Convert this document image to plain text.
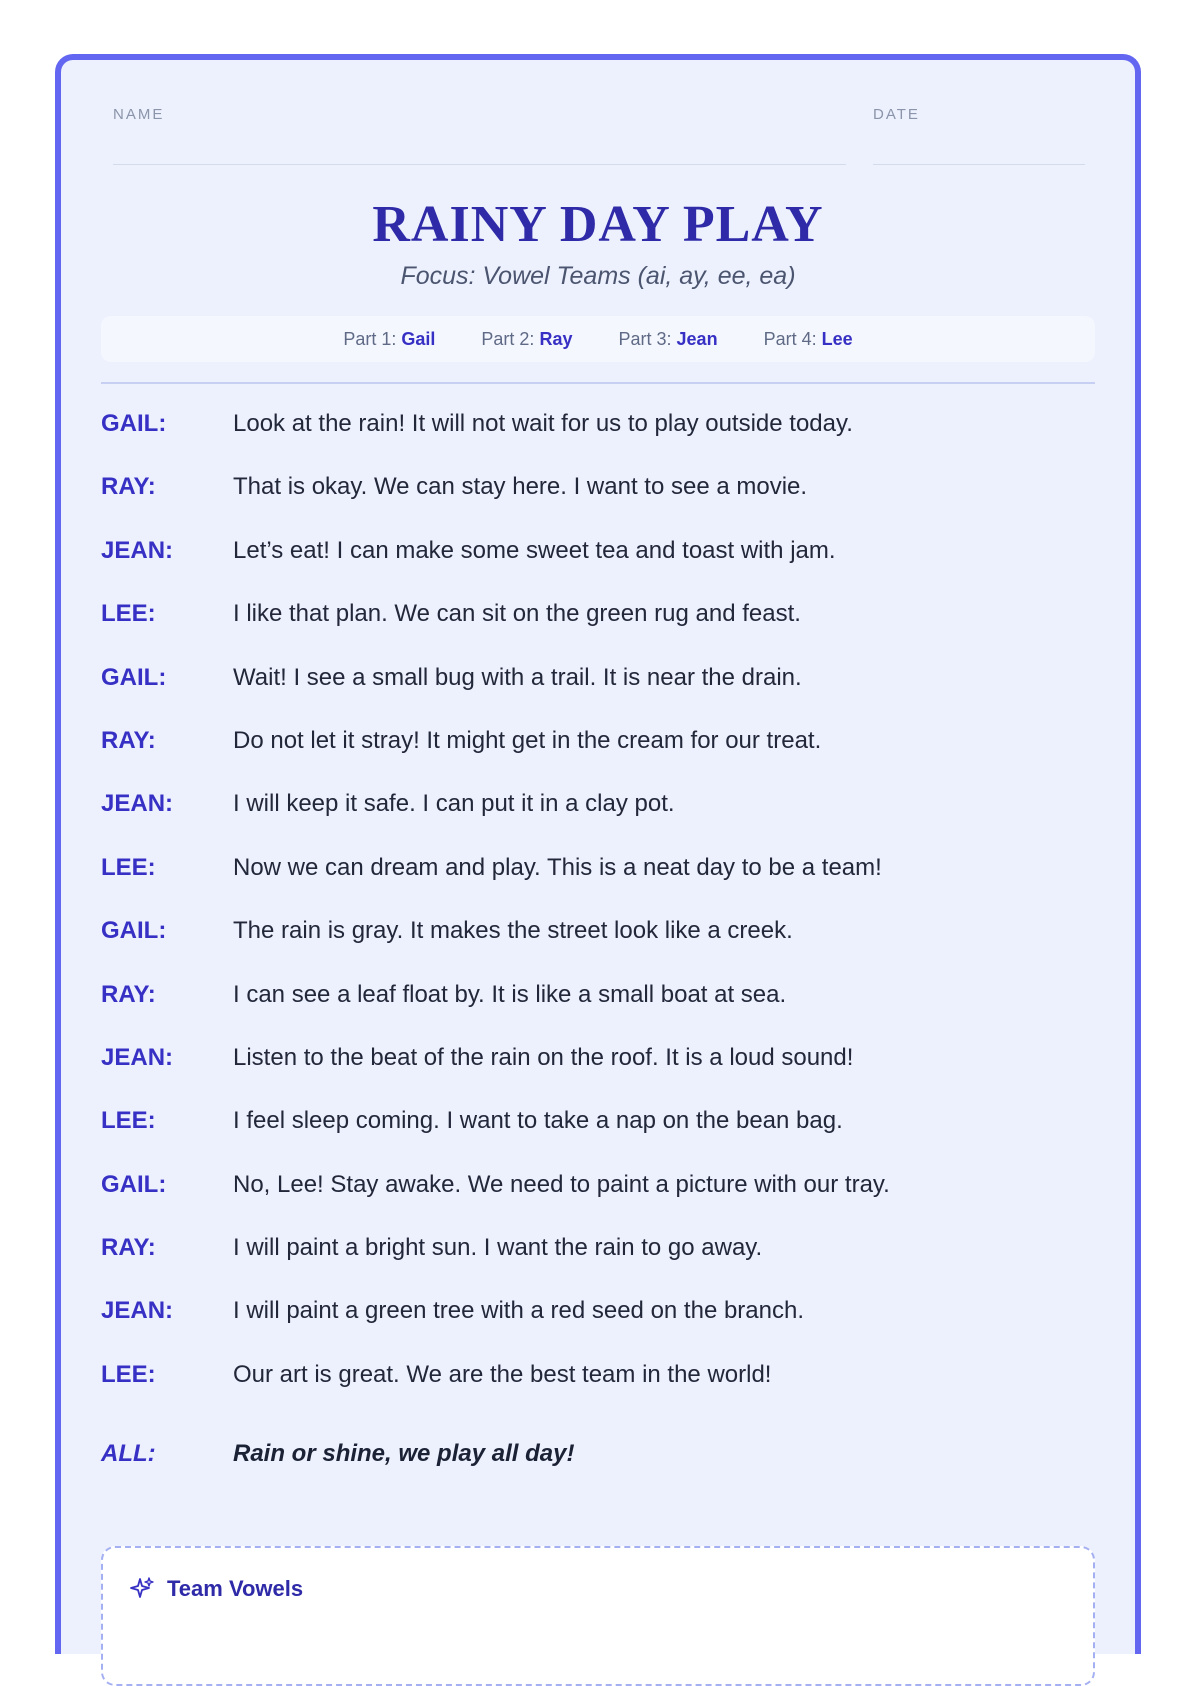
NAME	DATE
RAINY DAY PLAY
Focus: Vowel Teams (ai, ay, ee, ea)
Part 1: Gail	Part 2: Ray	Part 3: Jean	Part 4: Lee
GAIL:	Look at the rain! It will not wait for us to play outside today.
RAY:	That is okay. We can stay here. I want to see a movie.
JEAN:	Let’s eat! I can make some sweet tea and toast with jam.
LEE:	I like that plan. We can sit on the green rug and feast.
GAIL:	Wait! I see a small bug with a trail. It is near the drain.
RAY:	Do not let it stray! It might get in the cream for our treat.
JEAN:	I will keep it safe. I can put it in a clay pot.
LEE:	Now we can dream and play. This is a neat day to be a team!
GAIL:	The rain is gray. It makes the street look like a creek.
RAY:	I can see a leaf float by. It is like a small boat at sea.
JEAN:	Listen to the beat of the rain on the roof. It is a loud sound!
LEE:	I feel sleep coming. I want to take a nap on the bean bag.
GAIL:	No, Lee! Stay awake. We need to paint a picture with our tray.
RAY:	I will paint a bright sun. I want the rain to go away.
JEAN:	I will paint a green tree with a red seed on the branch.
LEE:	Our art is great. We are the best team in the world!
ALL:	Rain or shine, we play all day!
Team Vowels
